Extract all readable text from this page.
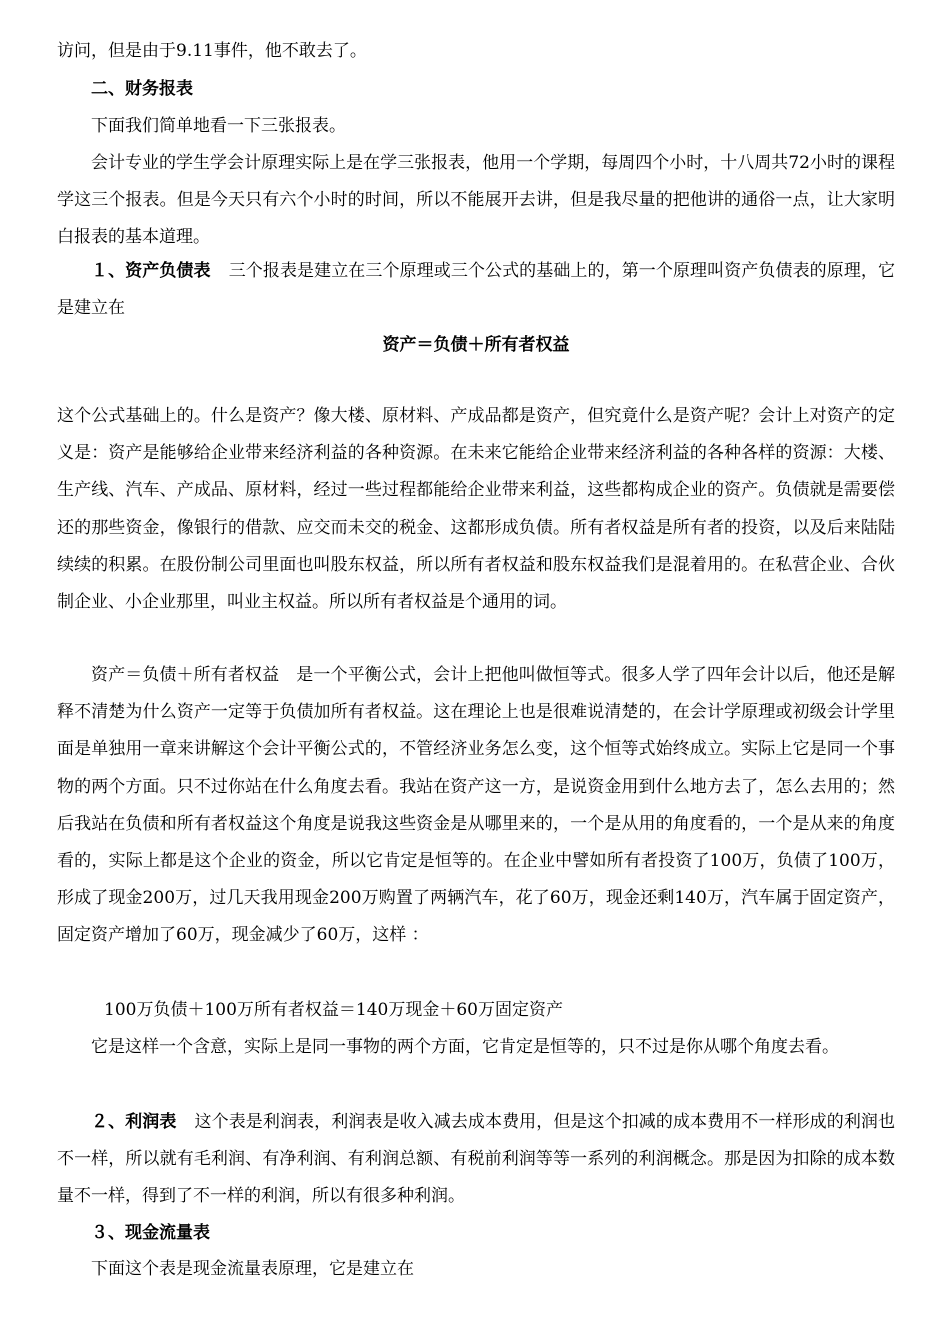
访问，但是由于9.11事件，他不敢去了。
二、财务报表
下面我们简单地看一下三张报表。
会计专业的学生学会计原理实际上是在学三张报表，他用一个学期，每周四个小时，十八周共72小时的课程学这三个报表。但是今天只有六个小时的时间，所以不能展开去讲，但是我尽量的把他讲的通俗一点，让大家明白报表的基本道理。
１、资产负债表 三个报表是建立在三个原理或三个公式的基础上的，第一个原理叫资产负债表的原理，它是建立在
资产＝负债＋所有者权益
这个公式基础上的。什么是资产？像大楼、原材料、产成品都是资产，但究竟什么是资产呢？会计上对资产的定义是：资产是能够给企业带来经济利益的各种资源。在未来它能给企业带来经济利益的各种各样的资源：大楼、生产线、汽车、产成品、原材料，经过一些过程都能给企业带来利益，这些都构成企业的资产。负债就是需要偿还的那些资金，像银行的借款、应交而未交的税金、这都形成负债。所有者权益是所有者的投资，以及后来陆陆续续的积累。在股份制公司里面也叫股东权益，所以所有者权益和股东权益我们是混着用的。在私营企业、合伙制企业、小企业那里，叫业主权益。所以所有者权益是个通用的词。
资产＝负债＋所有者权益　是一个平衡公式，会计上把他叫做恒等式。很多人学了四年会计以后，他还是解释不清楚为什么资产一定等于负债加所有者权益。这在理论上也是很难说清楚的，在会计学原理或初级会计学里面是单独用一章来讲解这个会计平衡公式的，不管经济业务怎么变，这个恒等式始终成立。实际上它是同一个事物的两个方面。只不过你站在什么角度去看。我站在资产这一方，是说资金用到什么地方去了，怎么去用的；然后我站在负债和所有者权益这个角度是说我这些资金是从哪里来的，一个是从用的角度看的，一个是从来的角度看的，实际上都是这个企业的资金，所以它肯定是恒等的。在企业中譬如所有者投资了100万，负债了100万，形成了现金200万，过几天我用现金200万购置了两辆汽车，花了60万，现金还剩140万，汽车属于固定资产，固定资产增加了60万，现金减少了60万，这样 ：
100万负债＋100万所有者权益＝140万现金＋60万固定资产
它是这样一个含意，实际上是同一事物的两个方面，它肯定是恒等的，只不过是你从哪个角度去看。
２、利润表 这个表是利润表，利润表是收入减去成本费用，但是这个扣减的成本费用不一样形成的利润也不一样，所以就有毛利润、有净利润、有利润总额、有税前利润等等一系列的利润概念。那是因为扣除的成本数量不一样，得到了不一样的利润，所以有很多种利润。
３、现金流量表
下面这个表是现金流量表原理，它是建立在
